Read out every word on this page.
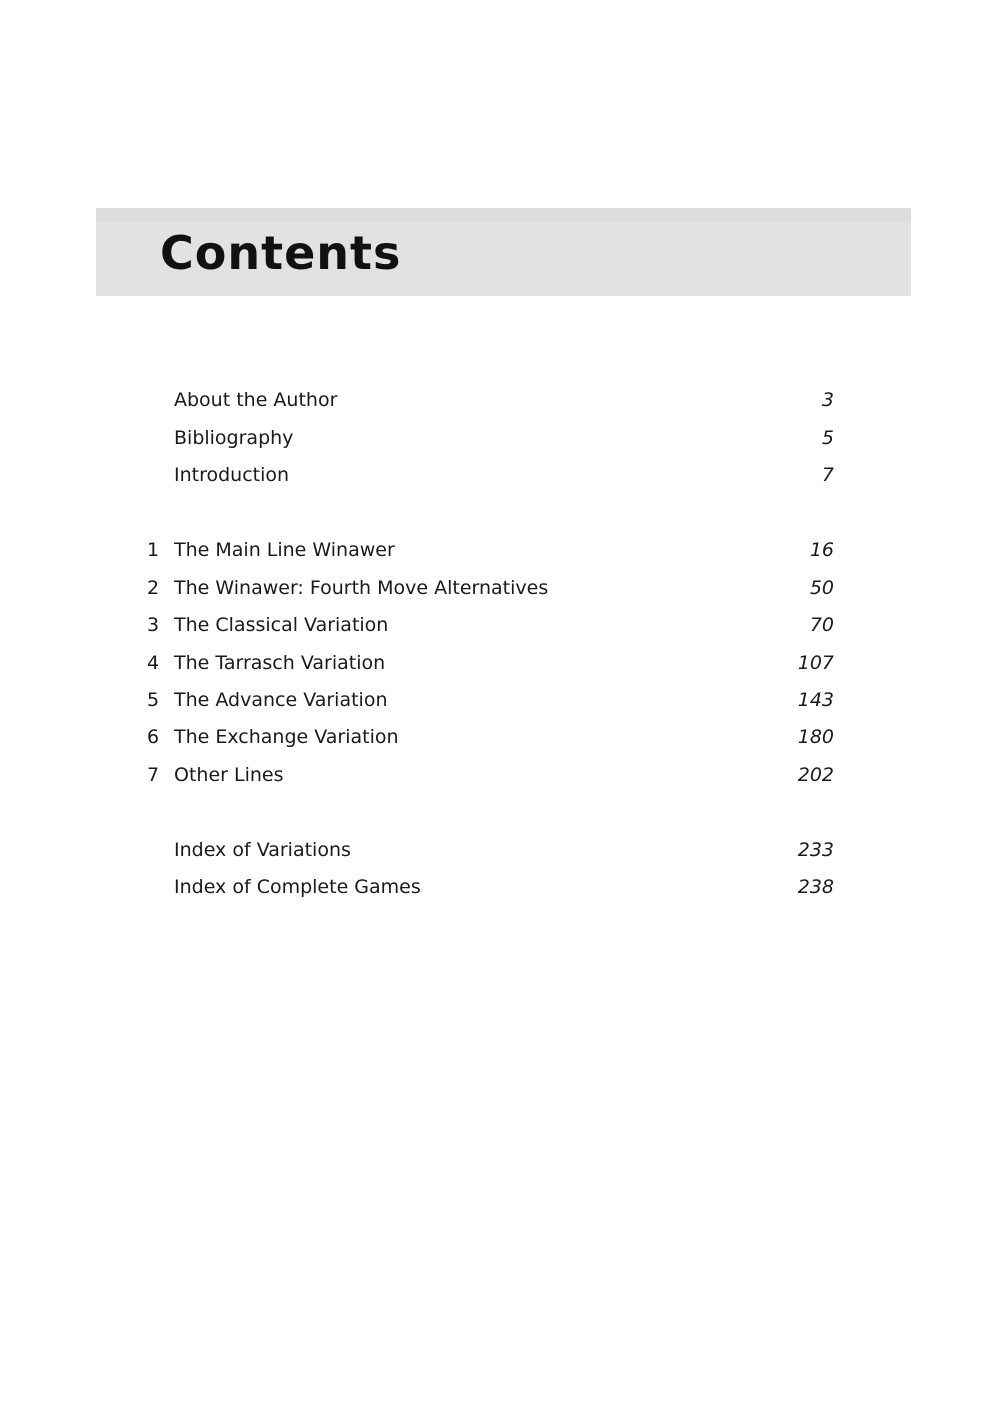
Contents
About the Author	3
Bibliography	5
Introduction	7
1 The Main Line Winawer	16
2 The Winawer: Fourth Move Alternatives	50
3 The Classical Variation	70
4 The Tarrasch Variation	107
5 The Advance Variation	143
6 The Exchange Variation	180
7 Other Lines	202
Index of Variations	233
Index of Complete Games	238
